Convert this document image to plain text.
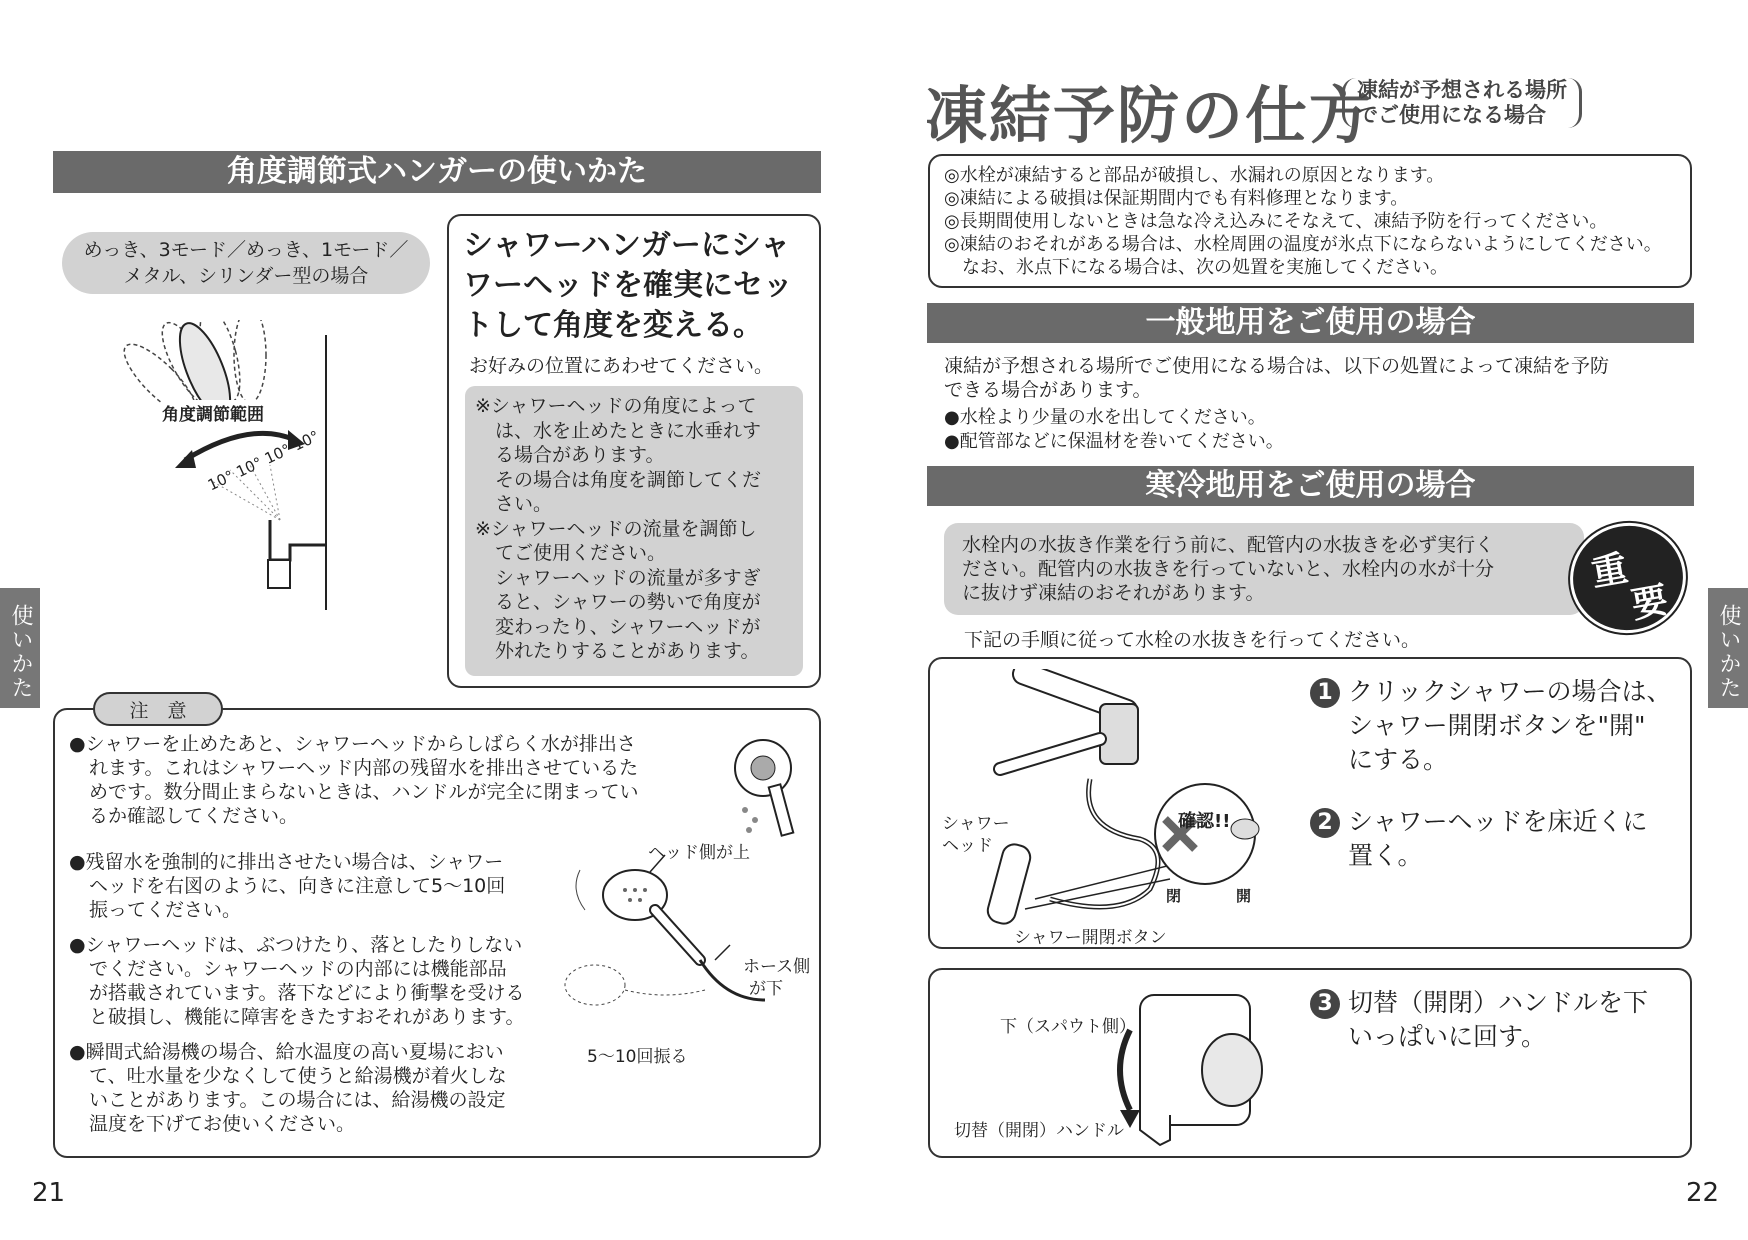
角度調節式ハンガーの使いかた
めっき、3モード／めっき、1モード／
メタル、シリンダー型の場合
角度調節範囲
10° 10° 10° 10°
シャワーハンガーにシャ
ワーヘッドを確実にセッ
トして角度を変える。
お好みの位置にあわせてください。
※シャワーヘッドの角度によって
は、水を止めたときに水垂れす
る場合があります。
その場合は角度を調節してくだ
さい。
※シャワーヘッドの流量を調節し
てご使用ください。
シャワーヘッドの流量が多すぎ
ると、シャワーの勢いで角度が
変わったり、シャワーヘッドが
外れたりすることがあります。
●シャワーを止めたあと、シャワーヘッドからしばらく水が排出さ
れます。これはシャワーヘッド内部の残留水を排出させているた
めです。数分間止まらないときは、ハンドルが完全に閉まってい
るか確認してください。
●残留水を強制的に排出させたい場合は、シャワー
ヘッドを右図のように、向きに注意して5～10回
振ってください。
●シャワーヘッドは、ぶつけたり、落としたりしない
でください。シャワーヘッドの内部には機能部品
が搭載されています。落下などにより衝撃を受ける
と破損し、機能に障害をきたすおそれがあります。
●瞬間式給湯機の場合、給水温度の高い夏場におい
て、吐水量を少なくして使うと給湯機が着火しな
いことがあります。この場合には、給湯機の設定
温度を下げてお使いください。
ヘッド側が上
ホース側
が下
5～10回振る
注　意
使いかた
21
凍結予防の仕方
凍結が予想される場所
でご使用になる場合
◎水栓が凍結すると部品が破損し、水漏れの原因となります。
◎凍結による破損は保証期間内でも有料修理となります。
◎長期間使用しないときは急な冷え込みにそなえて、凍結予防を行ってください。
◎凍結のおそれがある場合は、水栓周囲の温度が氷点下にならないようにしてください。
　なお、氷点下になる場合は、次の処置を実施してください。
一般地用をご使用の場合
凍結が予想される場所でご使用になる場合は、以下の処置によって凍結を予防
できる場合があります。
●水栓より少量の水を出してください。
●配管部などに保温材を巻いてください。
寒冷地用をご使用の場合
水栓内の水抜き作業を行う前に、配管内の水抜きを必ず実行く
ださい。配管内の水抜きを行っていないと、水栓内の水が十分
に抜けず凍結のおそれがあります。	重
要
下記の手順に従って水栓の水抜きを行ってください。
シャワー
ヘッド
確認!!
閉	開
シャワー開閉ボタン
1 クリックシャワーの場合は、
シャワー開閉ボタンを"開"
にする。
2 シャワーヘッドを床近くに
置く。
下（スパウト側）
切替（開閉）ハンドル
3 切替（開閉）ハンドルを下
いっぱいに回す。
使いかた
22
